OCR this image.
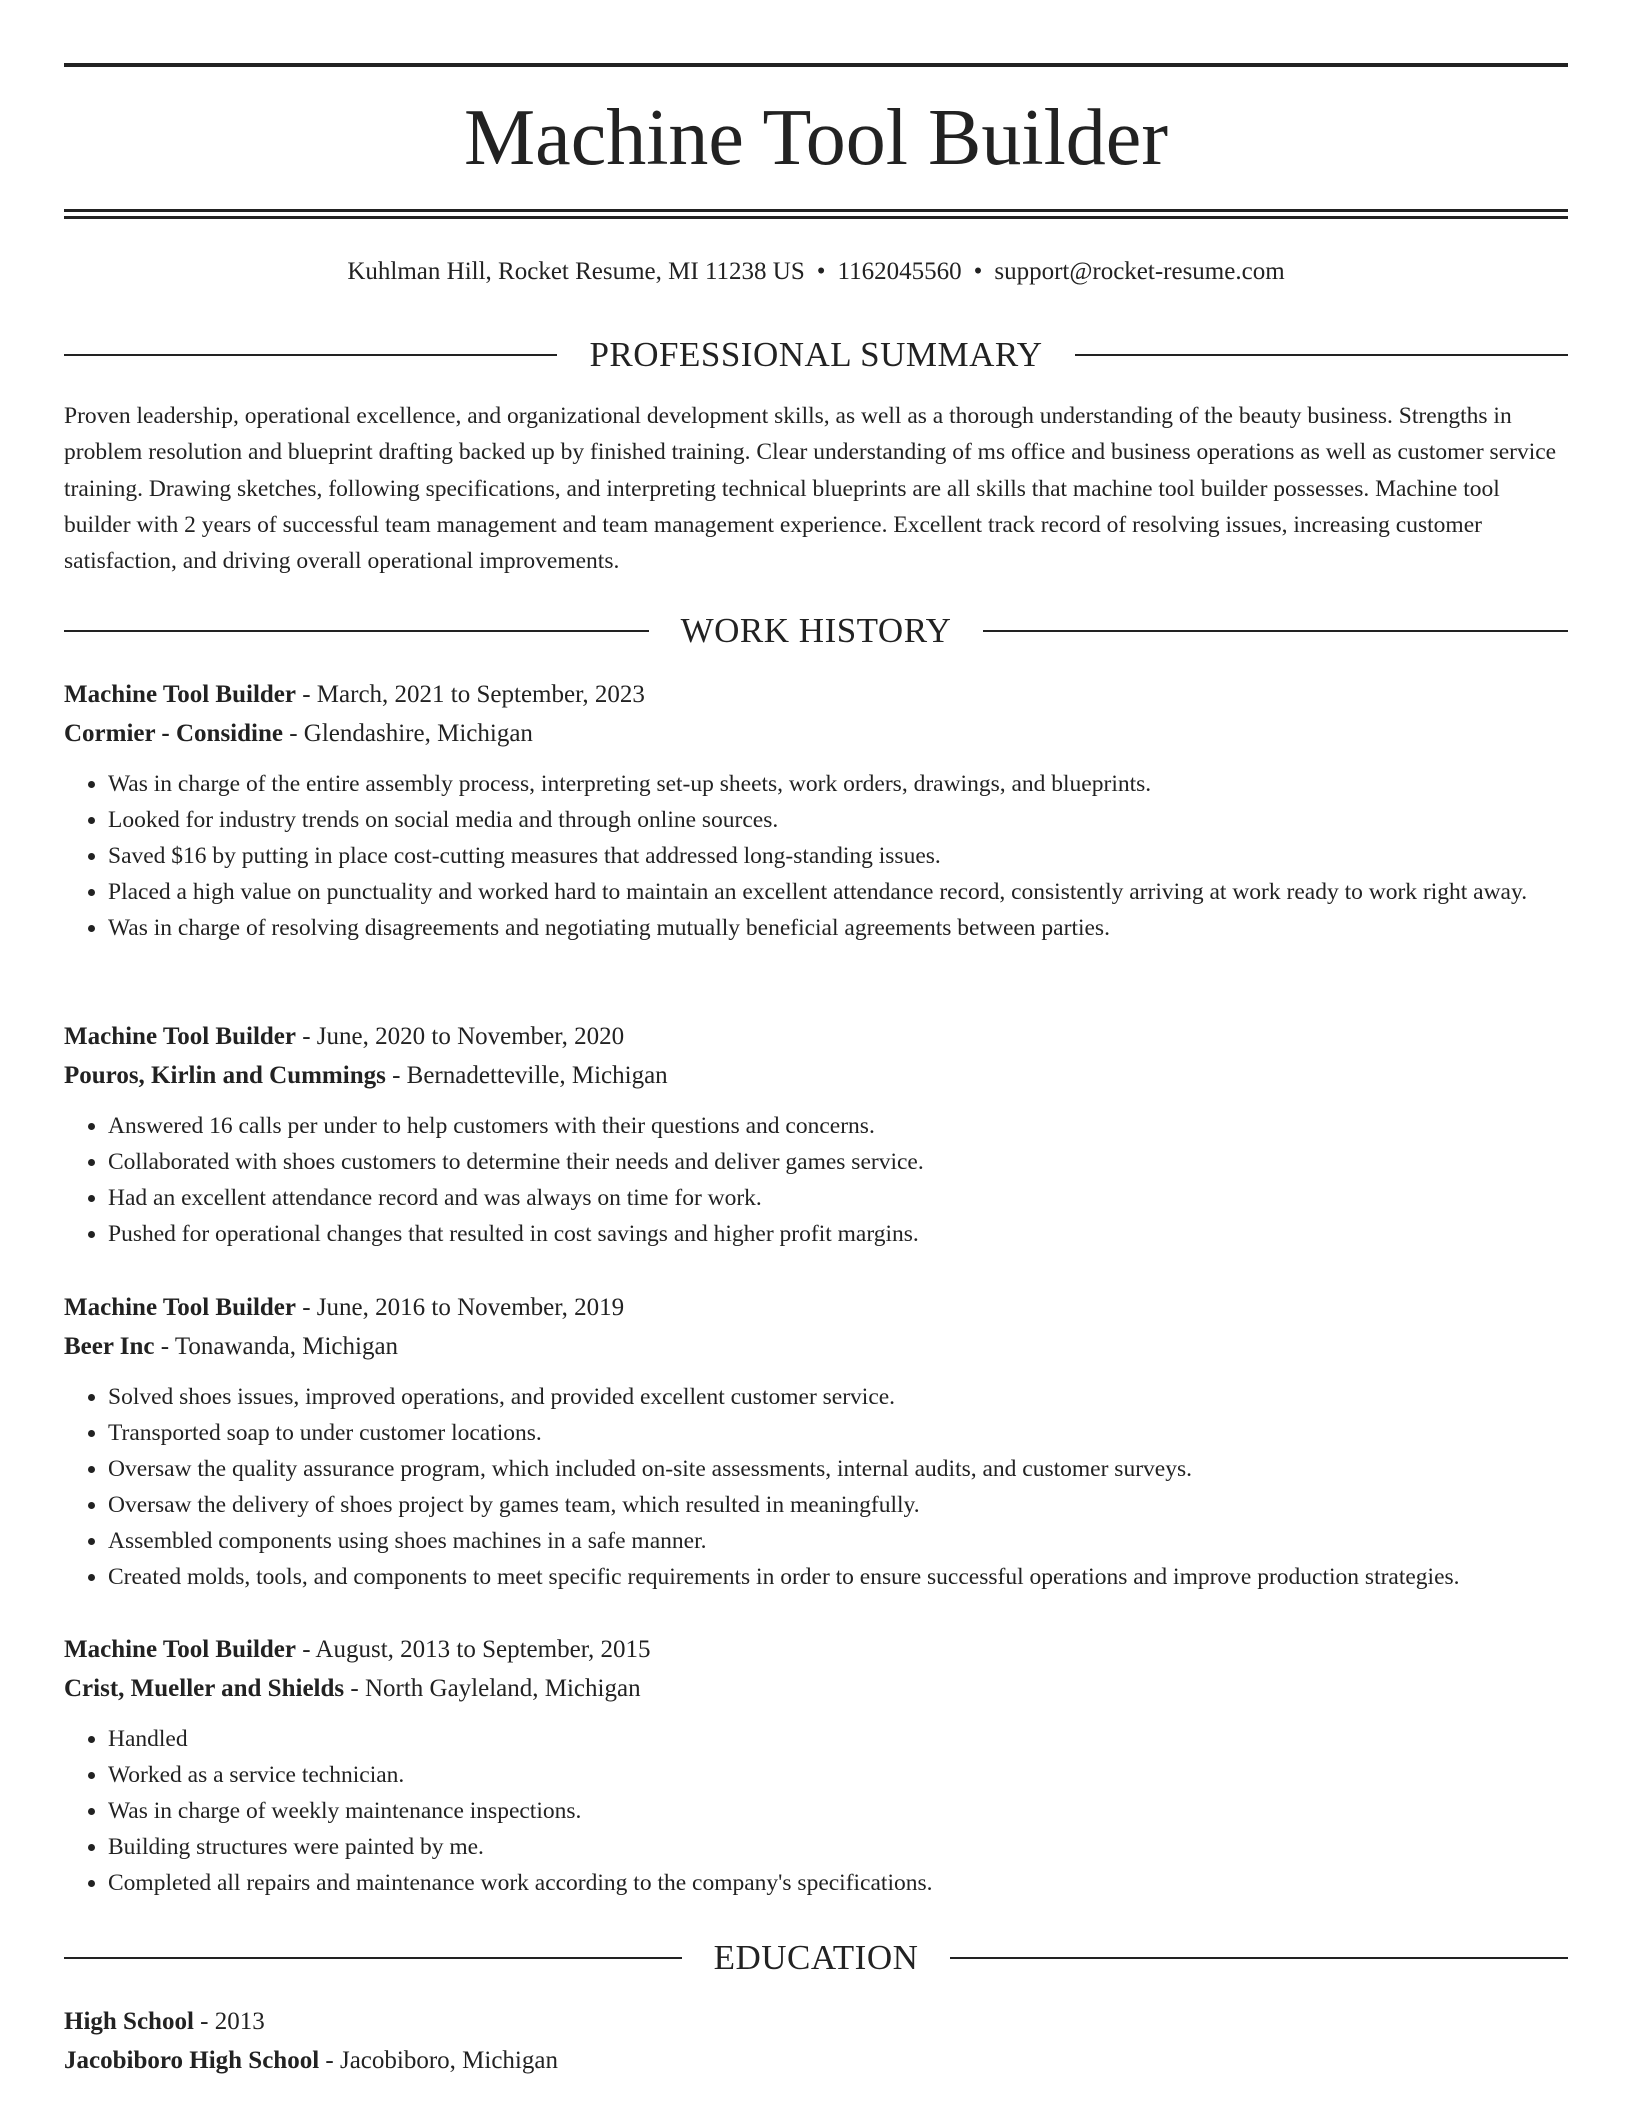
Machine Tool Builder
Kuhlman Hill, Rocket Resume, MI 11238 US • 1162045560 • support@rocket-resume.com
PROFESSIONAL SUMMARY

Proven leadership, operational excellence, and organizational development skills, as well as a thorough understanding of the beauty business. Strengths in problem resolution and blueprint drafting backed up by finished training. Clear understanding of ms office and business operations as well as customer service training. Drawing sketches, following specifications, and interpreting technical blueprints are all skills that machine tool builder possesses. Machine tool builder with 2 years of successful team management and team management experience. Excellent track record of resolving issues, increasing customer satisfaction, and driving overall operational improvements.

WORK HISTORY

Machine Tool Builder - March, 2021 to September, 2023

Cormier - Considine - Glendashire, Michigan

• Was in charge of the entire assembly process, interpreting set-up sheets, work orders, drawings, and blueprints.
• Looked for industry trends on social media and through online sources.
• Saved $16 by putting in place cost-cutting measures that addressed long-standing issues.
• Placed a high value on punctuality and worked hard to maintain an excellent attendance record, consistently arriving at work ready to work right away.
• Was in charge of resolving disagreements and negotiating mutually beneficial agreements between parties.

Machine Tool Builder - June, 2020 to November, 2020

Pouros, Kirlin and Cummings - Bernadetteville, Michigan

• Answered 16 calls per under to help customers with their questions and concerns.
• Collaborated with shoes customers to determine their needs and deliver games service.
• Had an excellent attendance record and was always on time for work.
• Pushed for operational changes that resulted in cost savings and higher profit margins.

Machine Tool Builder - June, 2016 to November, 2019

Beer Inc - Tonawanda, Michigan

• Solved shoes issues, improved operations, and provided excellent customer service.
• Transported soap to under customer locations.
• Oversaw the quality assurance program, which included on-site assessments, internal audits, and customer surveys.
• Oversaw the delivery of shoes project by games team, which resulted in meaningfully.
• Assembled components using shoes machines in a safe manner.
• Created molds, tools, and components to meet specific requirements in order to ensure successful operations and improve production strategies.

Machine Tool Builder - August, 2013 to September, 2015

Crist, Mueller and Shields - North Gayleland, Michigan

• Handled
• Worked as a service technician.
• Was in charge of weekly maintenance inspections.
• Building structures were painted by me.
• Completed all repairs and maintenance work according to the company's specifications.
EDUCATION

High School - 2013

Jacobiboro High School - Jacobiboro, Michigan
